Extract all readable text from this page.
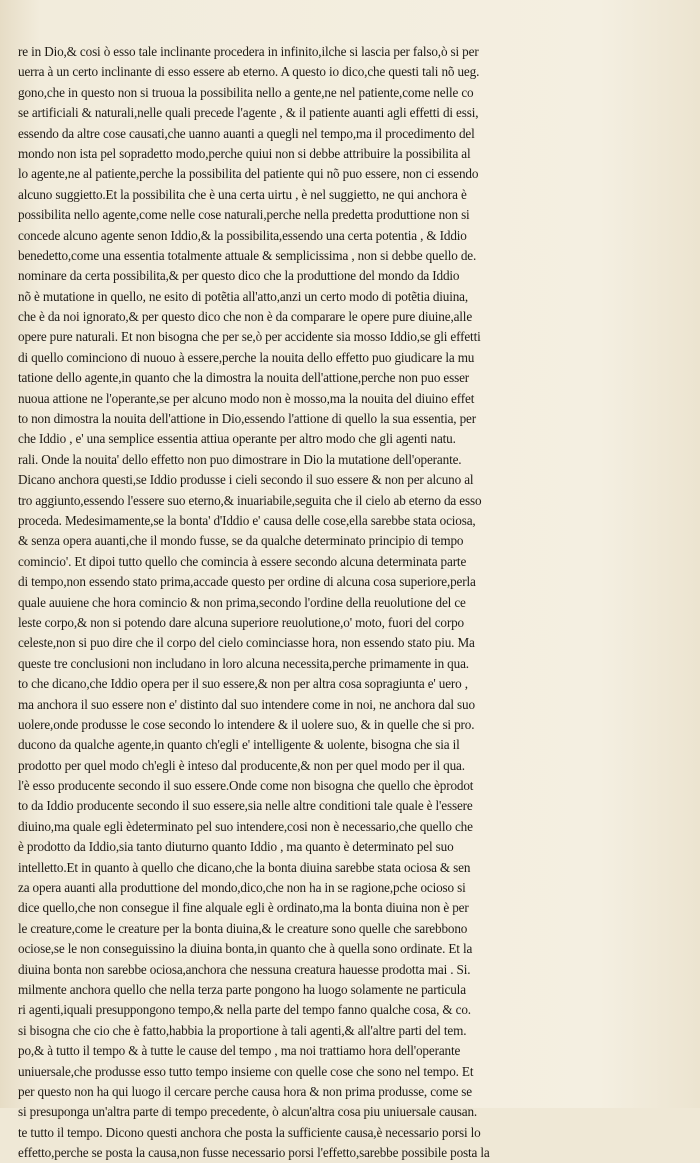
re in Dio,& cosi ò esso tale inclinante procedera in infinito,ilche si lascia per falso,ò si per
uerra à un certo inclinante di esso essere ab eterno. A questo io dico,che questi tali nõ ueg.
gono,che in questo non si truoua la possibilita nello a gente,ne nel patiente,come nelle co
se artificiali & naturali,nelle quali precede l'agente , & il patiente auanti agli effetti di essi,
essendo da altre cose causati,che uanno auanti a quegli nel tempo,ma il procedimento del
mondo non ista pel sopradetto modo,perche quiui non si debbe attribuire la possibilita al
lo agente,ne al patiente,perche la possibilita del patiente qui nõ puo essere, non ci essendo
alcuno suggietto.Et la possibilita che è una certa uirtu , è nel suggietto, ne qui anchora è
possibilita nello agente,come nelle cose naturali,perche nella predetta produttione non si
concede alcuno agente senon Iddio,& la possibilita,essendo una certa potentia , & Iddio
benedetto,come una essentia totalmente attuale & semplicissima , non si debbe quello de.
nominare da certa possibilita,& per questo dico che la produttione del mondo da Iddio
nõ è mutatione in quello, ne esito di potẽtia all'atto,anzi un certo modo di potẽtia diuina,
che è da noi ignorato,& per questo dico che non è da comparare le opere pure diuine,alle
opere pure naturali. Et non bisogna che per se,ò per accidente sia mosso Iddio,se gli effetti
di quello cominciono di nuouo à essere,perche la nouita dello effetto puo giudicare la mu
tatione dello agente,in quanto che la dimostra la nouita dell'attione,perche non puo esser
nuoua attione ne l'operante,se per alcuno modo non è mosso,ma la nouita del diuino effet
to non dimostra la nouita dell'attione in Dio,essendo l'attione di quello la sua essentia, per
che Iddio , e' una semplice essentia attiua operante per altro modo che gli agenti natu.
rali. Onde la nouita' dello effetto non puo dimostrare in Dio la mutatione dell'operante.
Dicano anchora questi,se Iddio produsse i cieli secondo il suo essere & non per alcuno al
tro aggiunto,essendo l'essere suo eterno,& inuariabile,seguita che il cielo ab eterno da esso
proceda. Medesimamente,se la bonta' d'Iddio e' causa delle cose,ella sarebbe stata ociosa,
& senza opera auanti,che il mondo fusse, se da qualche determinato principio di tempo
comincio'. Et dipoi tutto quello che comincia à essere secondo alcuna determinata parte
di tempo,non essendo stato prima,accade questo per ordine di alcuna cosa superiore,perla
quale auuiene che hora comincio & non prima,secondo l'ordine della reuolutione del ce
leste corpo,& non si potendo dare alcuna superiore reuolutione,o' moto, fuori del corpo
celeste,non si puo dire che il corpo del cielo cominciasse hora, non essendo stato piu. Ma
queste tre conclusioni non includano in loro alcuna necessita,perche primamente in qua.
to che dicano,che Iddio opera per il suo essere,& non per altra cosa sopragiunta e' uero ,
ma anchora il suo essere non e' distinto dal suo intendere come in noi, ne anchora dal suo
uolere,onde produsse le cose secondo lo intendere & il uolere suo, & in quelle che si pro.
ducono da qualche agente,in quanto ch'egli e' intelligente & uolente, bisogna che sia il
prodotto per quel modo ch'egli è inteso dal producente,& non per quel modo per il qua.
l'è esso producente secondo il suo essere.Onde come non bisogna che quello che èprodot
to da Iddio producente secondo il suo essere,sia nelle altre conditioni tale quale è l'essere
diuino,ma quale egli èdeterminato pel suo intendere,cosi non è necessario,che quello che
è prodotto da Iddio,sia tanto diuturno quanto Iddio , ma quanto è determinato pel suo
intelletto.Et in quanto à quello che dicano,che la bonta diuina sarebbe stata ociosa & sen
za opera auanti alla produttione del mondo,dico,che non ha in se ragione,pche ocioso si
dice quello,che non consegue il fine alquale egli è ordinato,ma la bonta diuina non è per
le creature,come le creature per la bonta diuina,& le creature sono quelle che sarebbono
ociose,se le non conseguissino la diuina bonta,in quanto che à quella sono ordinate. Et la
diuina bonta non sarebbe ociosa,anchora che nessuna creatura hauesse prodotta mai . Si.
milmente anchora quello che nella terza parte pongono ha luogo solamente ne particula
ri agenti,iquali presuppongono tempo,& nella parte del tempo fanno qualche cosa, & co.
si bisogna che cio che è fatto,habbia la proportione à tali agenti,& all'altre parti del tem.
po,& à tutto il tempo & à tutte le cause del tempo , ma noi trattiamo hora dell'operante
uniuersale,che produsse esso tutto tempo insieme con quelle cose che sono nel tempo. Et
per questo non ha qui luogo il cercare perche causa hora & non prima produsse, come se
si presuponga un'altra parte di tempo precedente, ò alcun'altra cosa piu uniuersale causan.
te tutto il tempo. Dicono questi anchora che posta la sufficiente causa,è necessario porsi lo
effetto,perche se posta la causa,non fusse necessario porsi l'effetto,sarebbe possibile posta la
